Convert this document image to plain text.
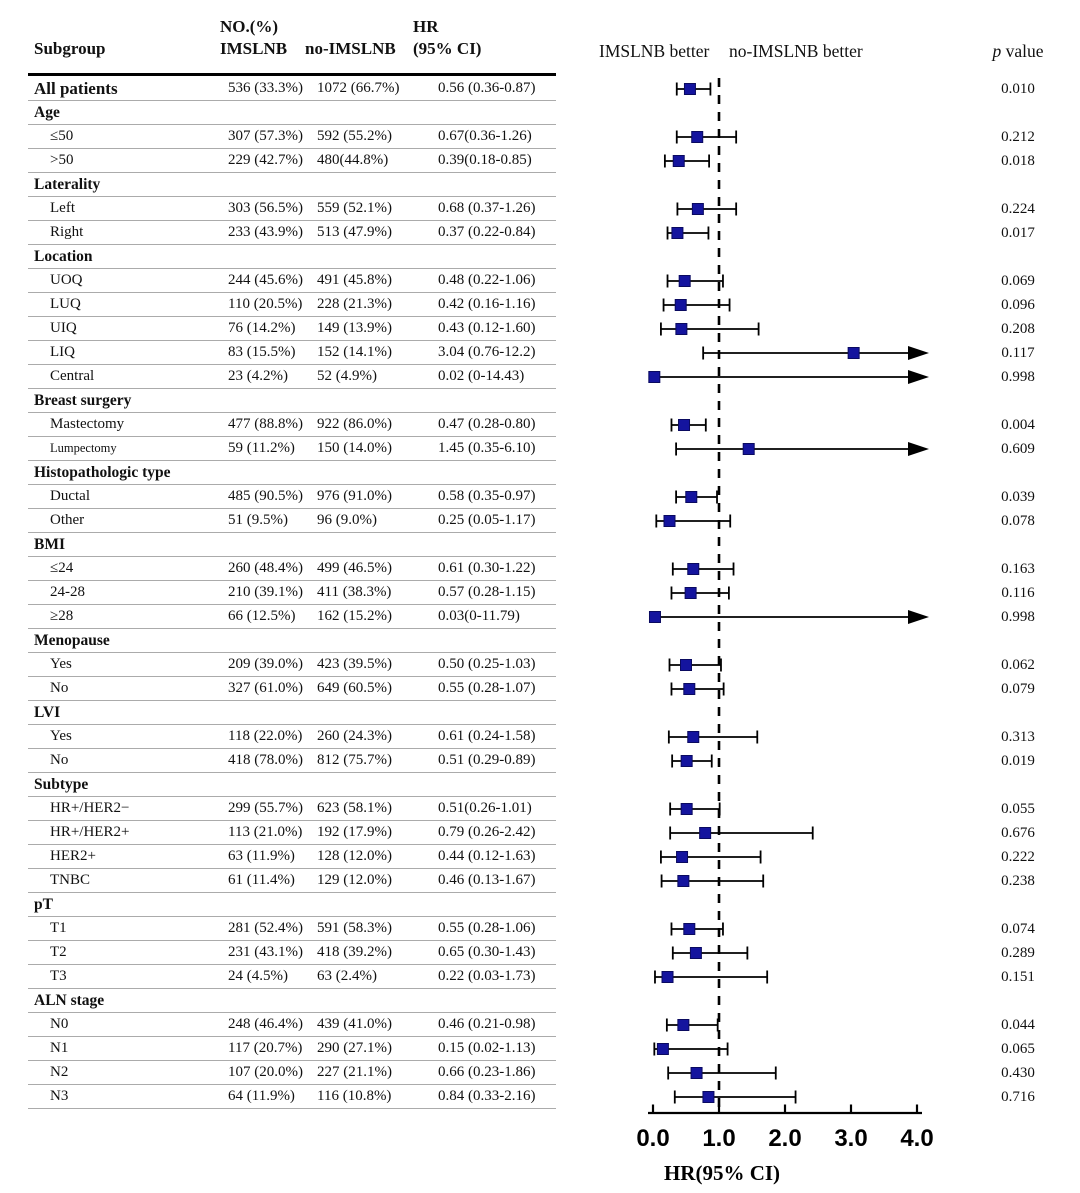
Subgroup
NO.(%)
IMSLNB no-IMSLNB
HR
(95% CI)	IMSLNB better no-IMSLNB better	p value
0.0 1.0 2.0 3.0 4.0
HR(95% CI)
All patients	536 (33.3%) 1072 (66.7%)	0.56 (0.36-0.87)	0.010
Age
≤50	307 (57.3%) 592 (55.2%)	0.67(0.36-1.26)	0.212
>50	229 (42.7%) 480(44.8%)	0.39(0.18-0.85)	0.018
Laterality
Left	303 (56.5%) 559 (52.1%)	0.68 (0.37-1.26)	0.224
Right	233 (43.9%) 513 (47.9%)	0.37 (0.22-0.84)	0.017
Location
UOQ	244 (45.6%) 491 (45.8%)	0.48 (0.22-1.06)	0.069
LUQ	110 (20.5%) 228 (21.3%)	0.42 (0.16-1.16)	0.096
UIQ	76 (14.2%) 149 (13.9%)	0.43 (0.12-1.60)	0.208
LIQ	83 (15.5%) 152 (14.1%)	3.04 (0.76-12.2)	0.117
Central	23 (4.2%) 52 (4.9%)	0.02 (0-14.43)	0.998
Breast surgery
Mastectomy	477 (88.8%) 922 (86.0%)	0.47 (0.28-0.80)	0.004
Lumpectomy	59 (11.2%) 150 (14.0%)	1.45 (0.35-6.10)	0.609
Histopathologic type
Ductal	485 (90.5%) 976 (91.0%)	0.58 (0.35-0.97)	0.039
Other	51 (9.5%) 96 (9.0%)	0.25 (0.05-1.17)	0.078
BMI
≤24	260 (48.4%) 499 (46.5%)	0.61 (0.30-1.22)	0.163
24-28	210 (39.1%) 411 (38.3%)	0.57 (0.28-1.15)	0.116
≥28	66 (12.5%) 162 (15.2%)	0.03(0-11.79)	0.998
Menopause
Yes	209 (39.0%) 423 (39.5%)	0.50 (0.25-1.03)	0.062
No	327 (61.0%) 649 (60.5%)	0.55 (0.28-1.07)	0.079
LVI
Yes	118 (22.0%) 260 (24.3%)	0.61 (0.24-1.58)	0.313
No	418 (78.0%) 812 (75.7%)	0.51 (0.29-0.89)	0.019
Subtype
HR+/HER2−	299 (55.7%) 623 (58.1%)	0.51(0.26-1.01)	0.055
HR+/HER2+	113 (21.0%) 192 (17.9%)	0.79 (0.26-2.42)	0.676
HER2+	63 (11.9%) 128 (12.0%)	0.44 (0.12-1.63)	0.222
TNBC	61 (11.4%) 129 (12.0%)	0.46 (0.13-1.67)	0.238
pT
T1	281 (52.4%) 591 (58.3%)	0.55 (0.28-1.06)	0.074
T2	231 (43.1%) 418 (39.2%)	0.65 (0.30-1.43)	0.289
T3	24 (4.5%) 63 (2.4%)	0.22 (0.03-1.73)	0.151
ALN stage
N0	248 (46.4%) 439 (41.0%)	0.46 (0.21-0.98)	0.044
N1	117 (20.7%) 290 (27.1%)	0.15 (0.02-1.13)	0.065
N2	107 (20.0%) 227 (21.1%)	0.66 (0.23-1.86)	0.430
N3	64 (11.9%) 116 (10.8%)	0.84 (0.33-2.16)	0.716
